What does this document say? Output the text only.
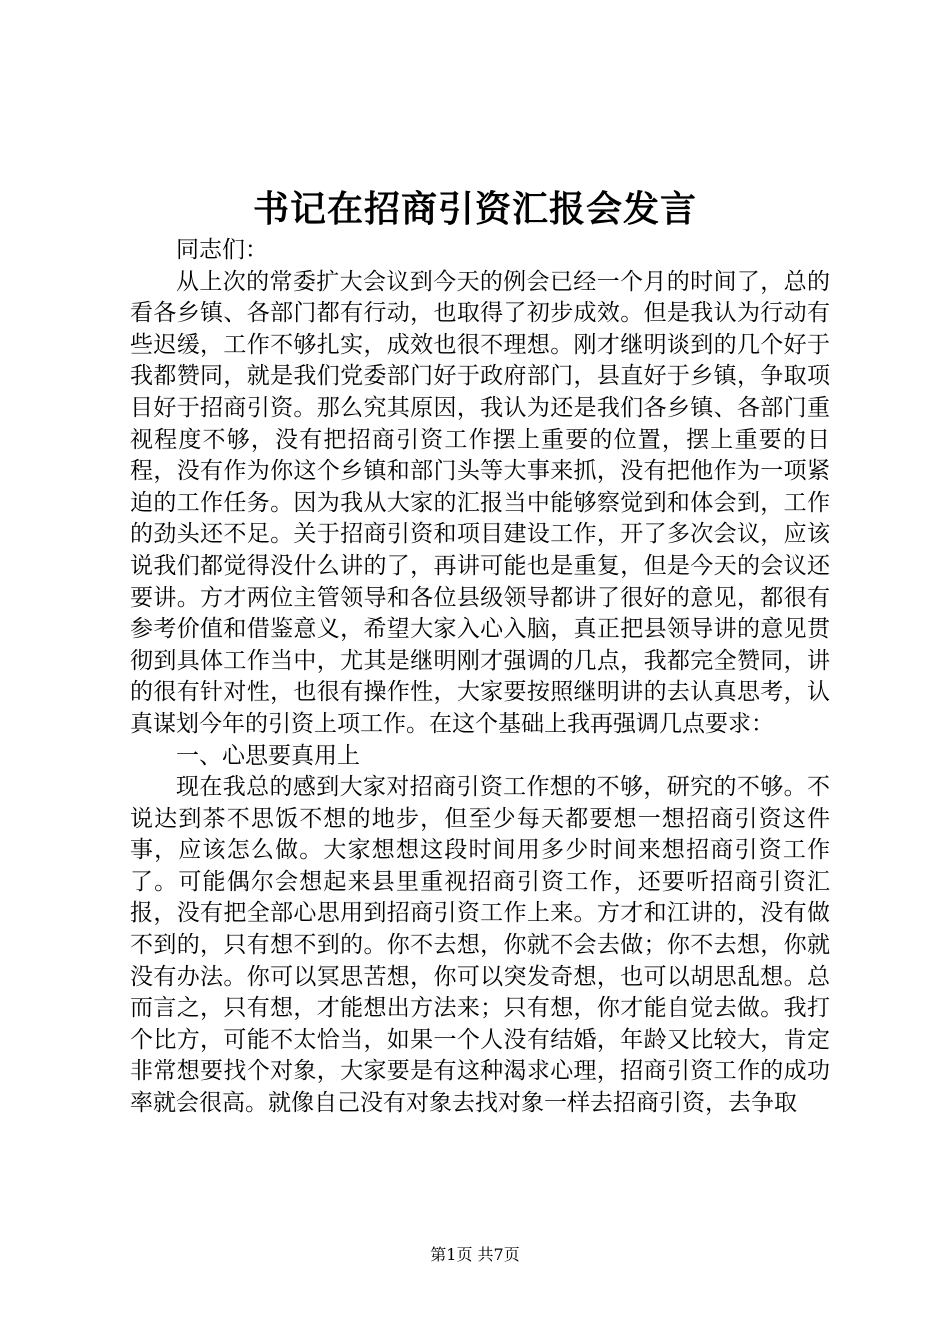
书记在招商引资汇报会发言

同志们：

从上次的常委扩大会议到今天的例会已经一个月的时间了，总的看各乡镇、各部门都有行动，也取得了初步成效。但是我认为行动有些迟缓，工作不够扎实，成效也很不理想。刚才继明谈到的几个好于我都赞同，就是我们党委部门好于政府部门，县直好于乡镇，争取项目好于招商引资。那么究其原因，我认为还是我们各乡镇、各部门重视程度不够，没有把招商引资工作摆上重要的位置，摆上重要的日程，没有作为你这个乡镇和部门头等大事来抓，没有把他作为一项紧迫的工作任务。因为我从大家的汇报当中能够察觉到和体会到，工作的劲头还不足。关于招商引资和项目建设工作，开了多次会议，应该说我们都觉得没什么讲的了，再讲可能也是重复，但是今天的会议还要讲。方才两位主管领导和各位县级领导都讲了很好的意见，都很有参考价值和借鉴意义，希望大家入心入脑，真正把县领导讲的意见贯彻到具体工作当中，尤其是继明刚才强调的几点，我都完全赞同，讲的很有针对性，也很有操作性，大家要按照继明讲的去认真思考，认真谋划今年的引资上项工作。在这个基础上我再强调几点要求：

一、心思要真用上

现在我总的感到大家对招商引资工作想的不够，研究的不够。不说达到茶不思饭不想的地步，但至少每天都要想一想招商引资这件事，应该怎么做。大家想想这段时间用多少时间来想招商引资工作了。可能偶尔会想起来县里重视招商引资工作，还要听招商引资汇报，没有把全部心思用到招商引资工作上来。方才和江讲的，没有做不到的，只有想不到的。你不去想，你就不会去做；你不去想，你就没有办法。你可以冥思苦想，你可以突发奇想，也可以胡思乱想。总而言之，只有想，才能想出方法来；只有想，你才能自觉去做。我打个比方，可能不太恰当，如果一个人没有结婚，年龄又比较大，肯定非常想要找个对象，大家要是有这种渴求心理，招商引资工作的成功率就会很高。就像自己没有对象去找对象一样去招商引资，去争取

第1页 共7页
